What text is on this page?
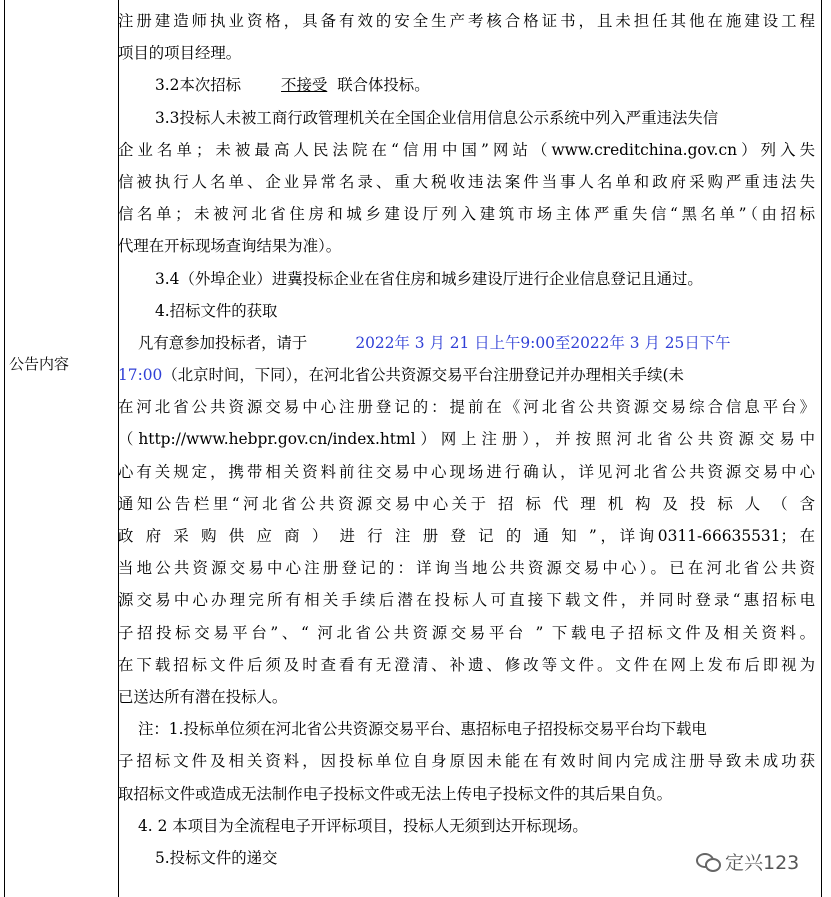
公告内容
注册建造师执业资格，具备有效的安全生产考核合格证书，且未担任其他在施建设工程
项目的项目经理。
3.2本次招标	不接受 联合体投标。
3.3投标人未被工商行政管理机关在全国企业信用信息公示系统中列入严重违法失信
企业名单；未被最高人民法院在“信用中国”网站（www.creditchina.gov.cn）列入失
信被执行人名单、企业异常名录、重大税收违法案件当事人名单和政府采购严重违法失
信名单；未被河北省住房和城乡建设厅列入建筑市场主体严重失信“黑名单”（由招标
代理在开标现场查询结果为准）。
3.4（外埠企业）进冀投标企业在省住房和城乡建设厅进行企业信息登记且通过。
4.招标文件的获取
凡有意参加投标者，请于	2022年 3 月 21 日上午9:00至2022年 3 月 25日下午
17:00（北京时间，下同），在河北省公共资源交易平台注册登记并办理相关手续(未
在河北省公共资源交易中心注册登记的：提前在《河北省公共资源交易综合信息平台》
（http://www.hebpr.gov.cn/index.html）网上注册），并按照河北省公共资源交易中
心有关规定，携带相关资料前往交易中心现场进行确认，详见河北省公共资源交易中心
通知公告栏里“河北省公共资源交易中心关于 招 标 代 理 机 构 及 投 标 人 （ 含
政 府 采 购 供 应 商 ） 进 行 注 册 登 记 的 通 知 ”，详询0311-66635531；在
当地公共资源交易中心注册登记的：详询当地公共资源交易中心）。已在河北省公共资
源交易中心办理完所有相关手续后潜在投标人可直接下载文件，并同时登录“惠招标电
子招投标交易平台”、“ 河北省公共资源交易平台 ” 下载电子招标文件及相关资料。
在下载招标文件后须及时查看有无澄清、补遗、修改等文件。文件在网上发布后即视为
已送达所有潜在投标人。
注：1.投标单位须在河北省公共资源交易平台、惠招标电子招投标交易平台均下载电
子招标文件及相关资料，因投标单位自身原因未能在有效时间内完成注册导致未成功获
取招标文件或造成无法制作电子投标文件或无法上传电子投标文件的其后果自负。
4. 2 本项目为全流程电子开评标项目，投标人无须到达开标现场。
5.投标文件的递交	定兴123
